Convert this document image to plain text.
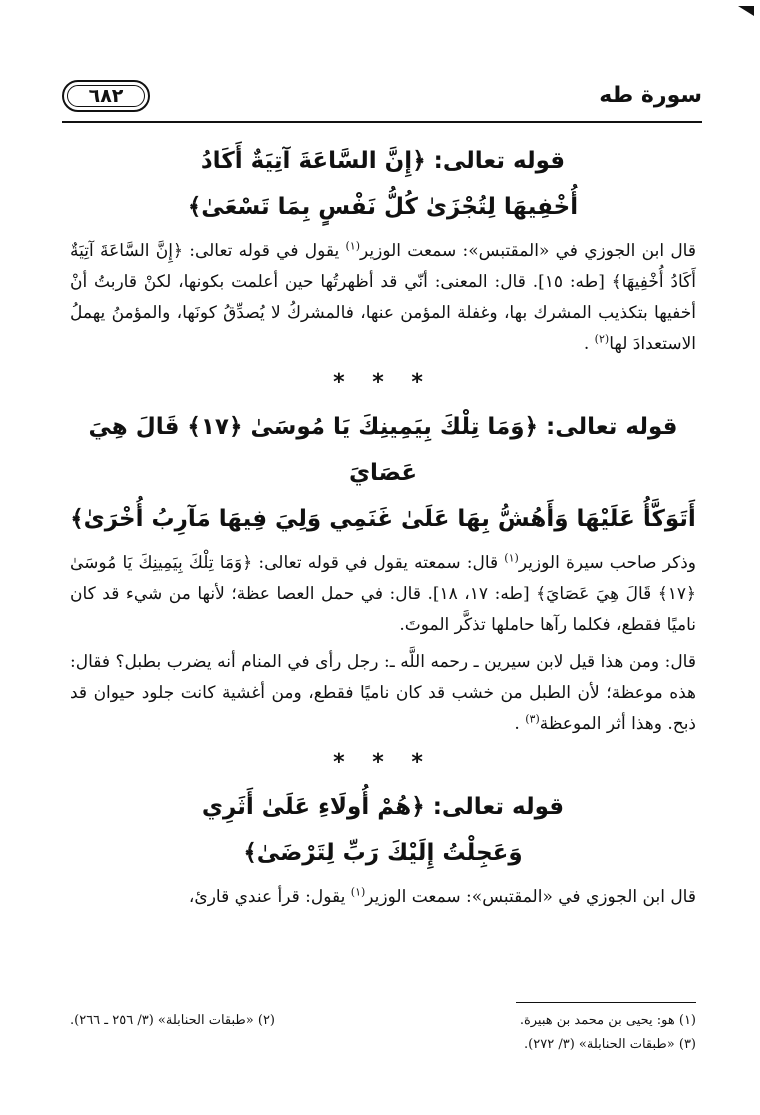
سورة طه
٦٨٢
قوله تعالى: ﴿إِنَّ السَّاعَةَ آتِيَةٌ أَكَادُ
أُخْفِيهَا لِتُجْزَىٰ كُلُّ نَفْسٍ بِمَا تَسْعَىٰ﴾

قال ابن الجوزي في «المقتبس»: سمعت الوزير$^{(١)}$ يقول في قوله تعالى: ﴿إِنَّ السَّاعَةَ آتِيَةٌ أَكَادُ أُخْفِيهَا﴾ [طه: ١٥]. قال: المعنى: أنّي قد أظهرتُها حين أعلمت بكونها، لكنْ قاربتُ أنْ أخفيها بتكذيب المشرك بها، وغفلة المؤمن عنها، فالمشركُ لا يُصدِّقُ كونَها، والمؤمنُ يهملُ الاستعدادَ لها$^{(٢)}$ .

* * *
قوله تعالى: ﴿وَمَا تِلْكَ بِيَمِينِكَ يَا مُوسَىٰ ﴿١٧﴾ قَالَ هِيَ عَصَايَ
أَتَوَكَّأُ عَلَيْهَا وَأَهُشُّ بِهَا عَلَىٰ غَنَمِي وَلِيَ فِيهَا مَآرِبُ أُخْرَىٰ﴾

وذكر صاحب سيرة الوزير$^{(١)}$ قال: سمعته يقول في قوله تعالى: ﴿وَمَا تِلْكَ بِيَمِينِكَ يَا مُوسَىٰ ﴿١٧﴾ قَالَ هِيَ عَصَايَ﴾ [طه: ١٧، ١٨]. قال: في حمل العصا عظة؛ لأنها من شيء قد كان ناميًا فقطع، فكلما رآها حاملها تذكَّر الموتَ.

قال: ومن هذا قيل لابن سيرين ـ رحمه اللَّه ـ: رجل رأى في المنام أنه يضرب بطبل؟ فقال: هذه موعظة؛ لأن الطبل من خشب قد كان ناميًا فقطع، ومن أغشية كانت جلود حيوان قد ذبح. وهذا أثر الموعظة$^{(٣)}$ .

* * *
قوله تعالى: ﴿هُمْ أُولَاءِ عَلَىٰ أَثَرِي
وَعَجِلْتُ إِلَيْكَ رَبِّ لِتَرْضَىٰ﴾

قال ابن الجوزي في «المقتبس»: سمعت الوزير$^{(١)}$ يقول: قرأ عندي قارئ،

(١) هو: يحيى بن محمد بن هبيرة.
(٢) «طبقات الحنابلة» (٣/ ٢٥٦ ـ ٢٦٦).
(٣) «طبقات الحنابلة» (٣/ ٢٧٢).
